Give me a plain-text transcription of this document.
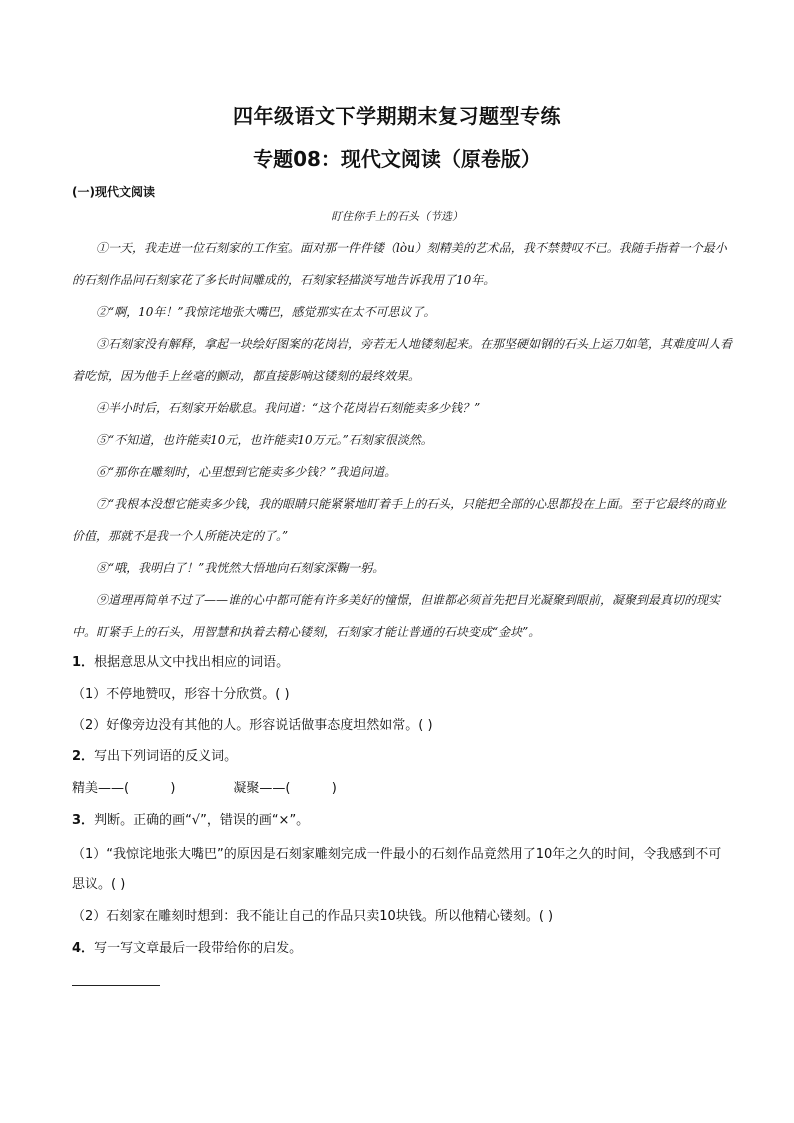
四年级语文下学期期末复习题型专练
专题08：现代文阅读（原卷版）
(一)现代文阅读
盯住你手上的石头（节选）

①一天，我走进一位石刻家的工作室。面对那一件件镂（lòu）刻精美的艺术品，我不禁赞叹不已。我随手指着一个最小的石刻作品问石刻家花了多长时间雕成的，石刻家轻描淡写地告诉我用了10年。

②“啊，10年！”我惊诧地张大嘴巴，感觉那实在太不可思议了。

③石刻家没有解释，拿起一块绘好图案的花岗岩，旁若无人地镂刻起来。在那坚硬如钢的石头上运刀如笔，其难度叫人看着吃惊，因为他手上丝毫的颤动，都直接影响这镂刻的最终效果。

④半小时后，石刻家开始歇息。我问道：“这个花岗岩石刻能卖多少钱？”

⑤“不知道，也许能卖10元，也许能卖10万元。”石刻家很淡然。

⑥“那你在雕刻时，心里想到它能卖多少钱？”我追问道。

⑦“我根本没想它能卖多少钱，我的眼睛只能紧紧地盯着手上的石头，只能把全部的心思都投在上面。至于它最终的商业价值，那就不是我一个人所能决定的了。”

⑧“哦，我明白了！”我恍然大悟地向石刻家深鞠一躬。

⑨道理再简单不过了——谁的心中都可能有许多美好的憧憬，但谁都必须首先把目光凝聚到眼前，凝聚到最真切的现实中。盯紧手上的石头，用智慧和执着去精心镂刻，石刻家才能让普通的石块变成“金块”。

1．根据意思从文中找出相应的词语。

（1）不停地赞叹，形容十分欣赏。( )

（2）好像旁边没有其他的人。形容说话做事态度坦然如常。( )

2．写出下列词语的反义词。

精美——(          )              凝聚——(          )

3．判断。正确的画“√”，错误的画“×”。

（1）“我惊诧地张大嘴巴”的原因是石刻家雕刻完成一件最小的石刻作品竟然用了10年之久的时间，令我感到不可思议。( )

（2）石刻家在雕刻时想到：我不能让自己的作品只卖10块钱。所以他精心镂刻。( )

4．写一写文章最后一段带给你的启发。
